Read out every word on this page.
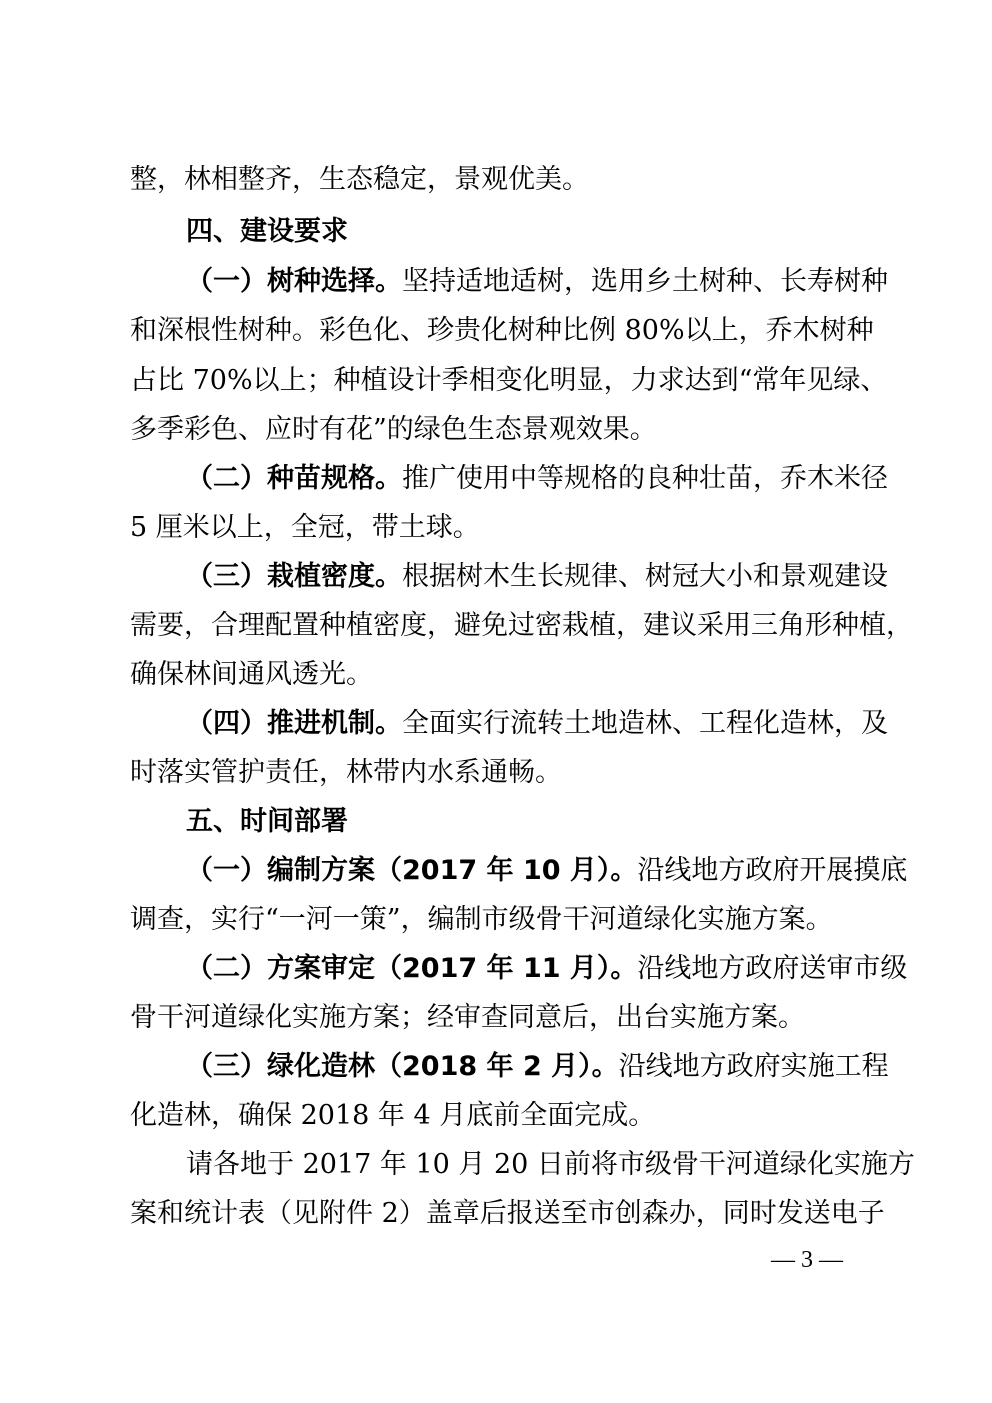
整，林相整齐，生态稳定，景观优美。
四、建设要求
（一）树种选择。坚持适地适树，选用乡土树种、长寿树种
和深根性树种。彩色化、珍贵化树种比例 80%以上，乔木树种
占比 70%以上；种植设计季相变化明显，力求达到“常年见绿、
多季彩色、应时有花”的绿色生态景观效果。
（二）种苗规格。推广使用中等规格的良种壮苗，乔木米径
5 厘米以上，全冠，带土球。
（三）栽植密度。根据树木生长规律、树冠大小和景观建设
需要，合理配置种植密度，避免过密栽植，建议采用三角形种植，
确保林间通风透光。
（四）推进机制。全面实行流转土地造林、工程化造林，及
时落实管护责任，林带内水系通畅。
五、时间部署
（一）编制方案（2017 年 10 月）。沿线地方政府开展摸底
调查，实行“一河一策”，编制市级骨干河道绿化实施方案。
（二）方案审定（2017 年 11 月）。沿线地方政府送审市级
骨干河道绿化实施方案；经审查同意后，出台实施方案。
（三）绿化造林（2018 年 2 月）。沿线地方政府实施工程
化造林，确保 2018 年 4 月底前全面完成。
请各地于 2017 年 10 月 20 日前将市级骨干河道绿化实施方
案和统计表（见附件 2）盖章后报送至市创森办，同时发送电子
— 3 —
